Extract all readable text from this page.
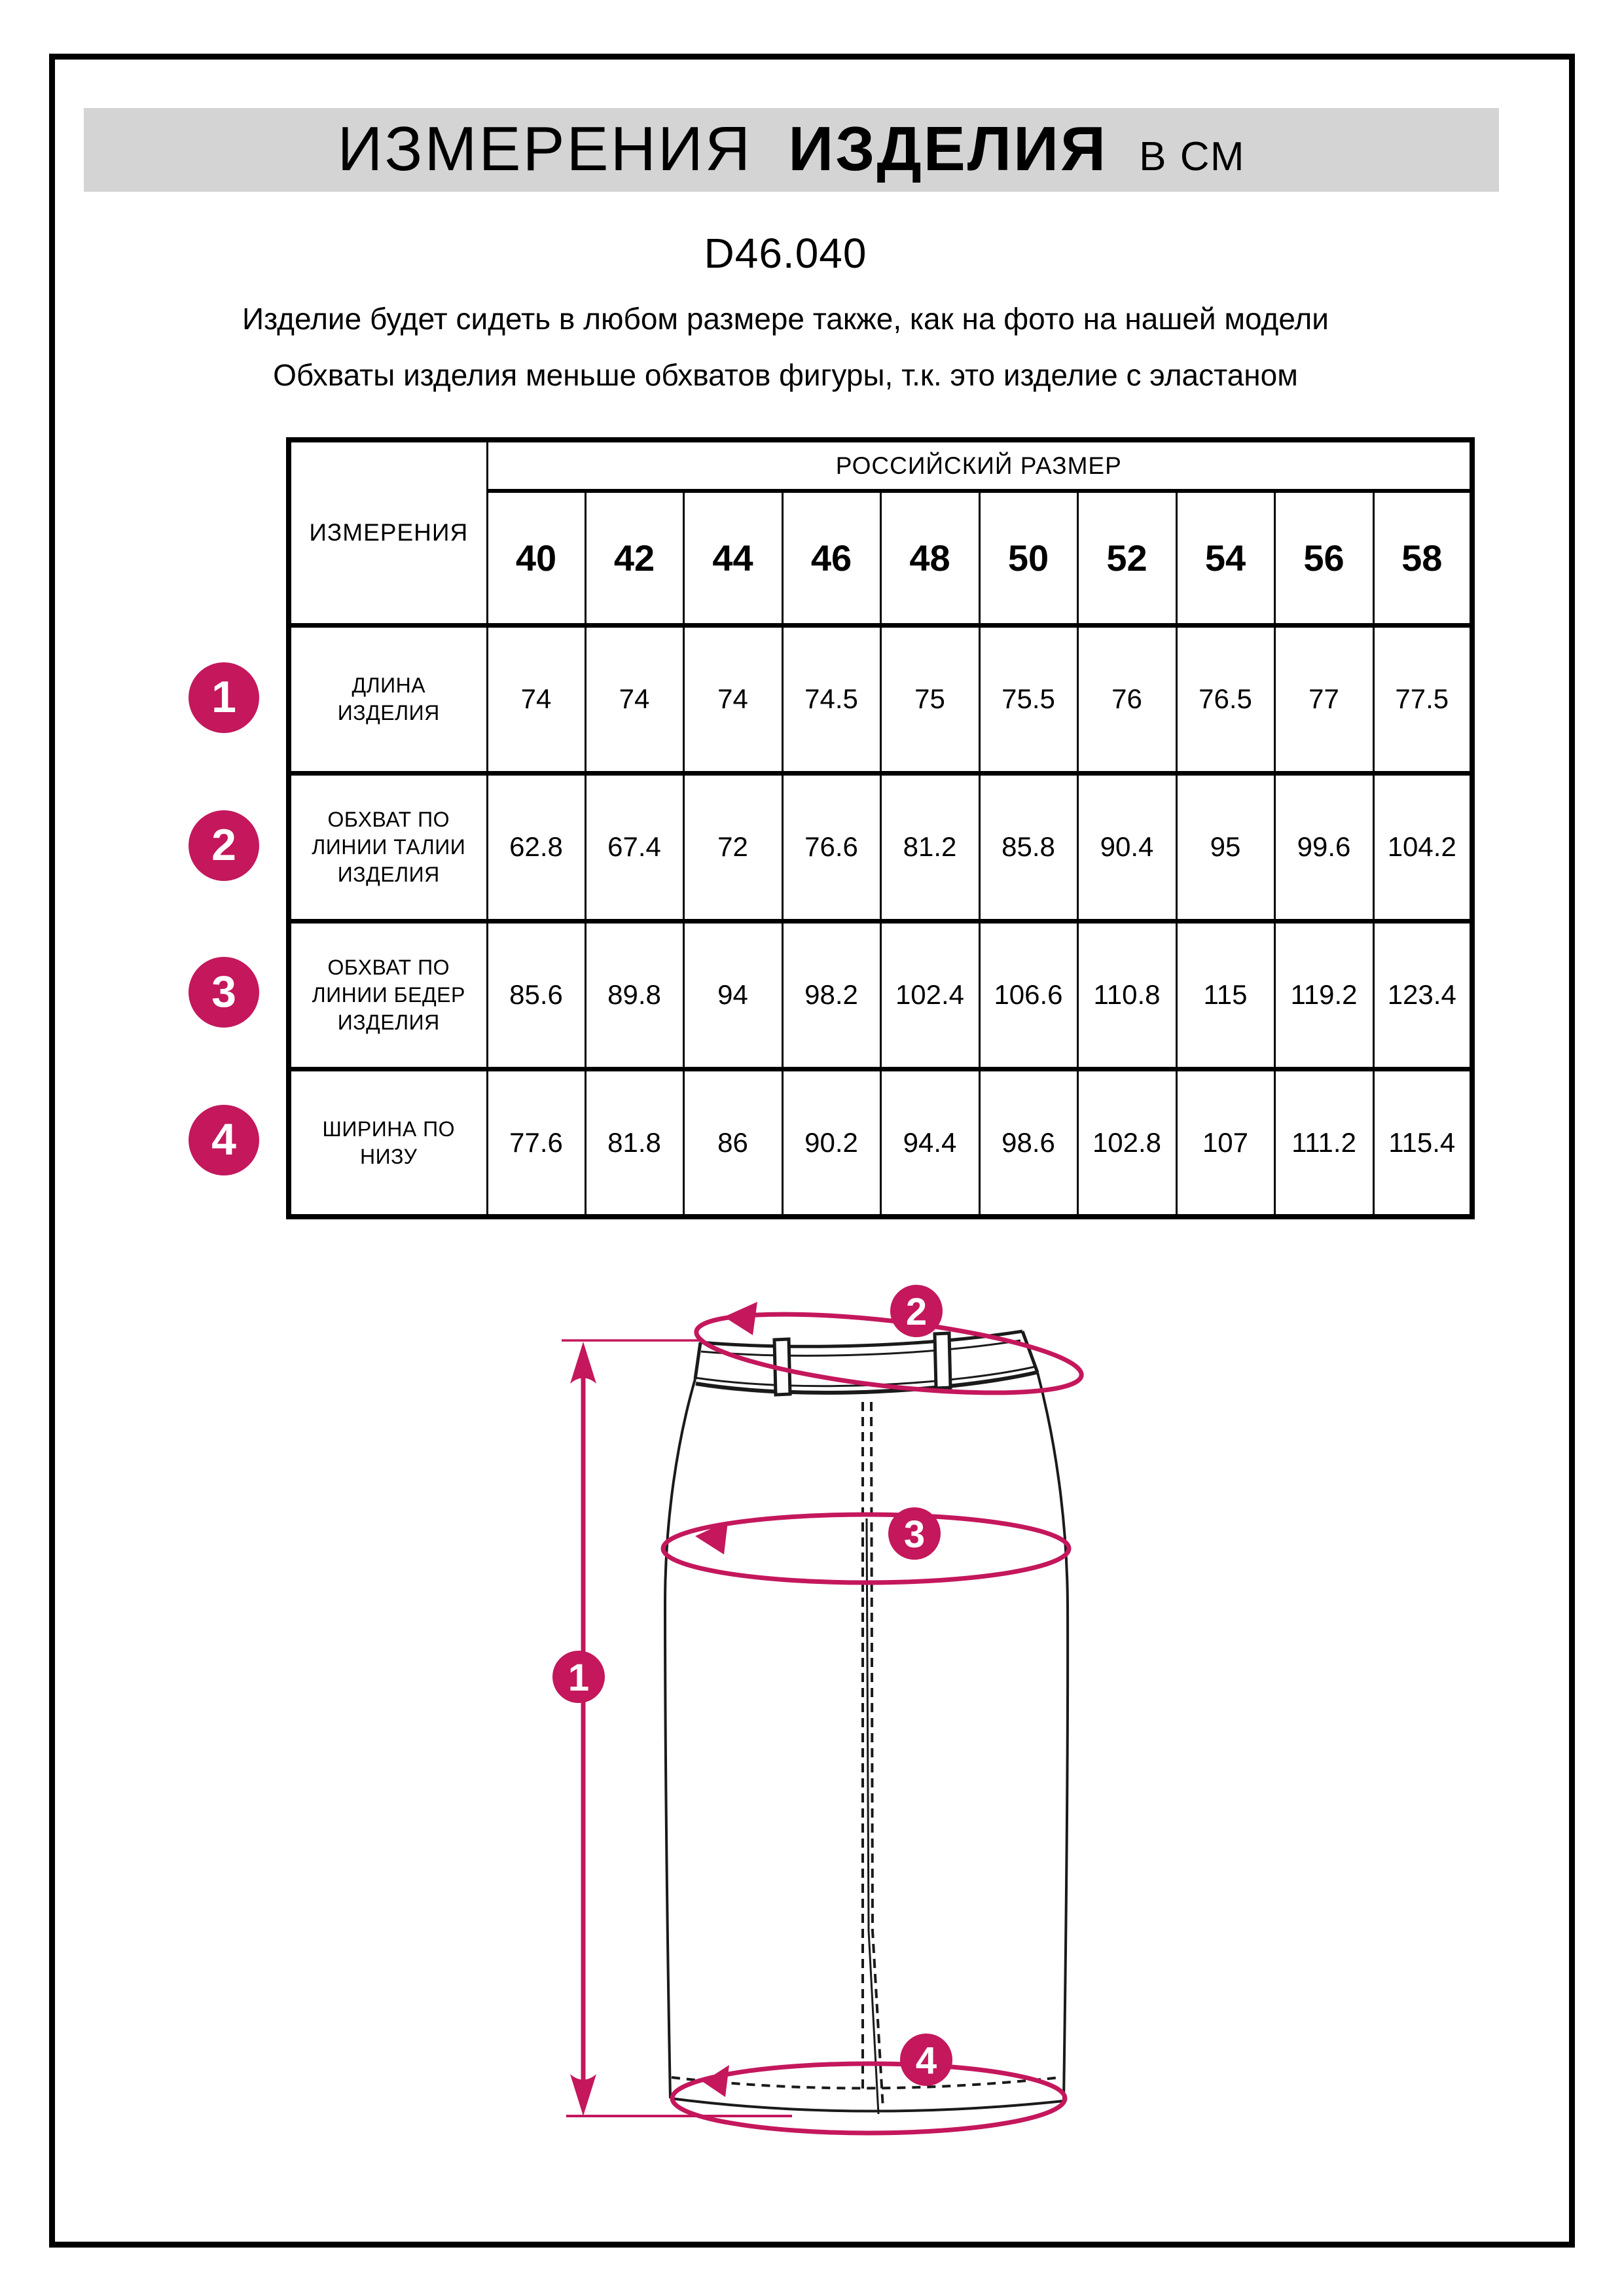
ИЗМЕРЕНИЯ ИЗДЕЛИЯ В СМ
D46.040
Изделие будет сидеть в любом размере также, как на фото на нашей модели
Обхваты изделия меньше обхватов фигуры, т.к. это изделие с эластаном
ИЗМЕРЕНИЯ	РОССИЙСКИЙ РАЗМЕР									
	40	42	44	46	48	50	52	54	56	58

ДЛИНА ИЗДЕЛИЯ	74	74	74	74.5	75	75.5	76	76.5	77	77.5

ОБХВАТ ПО ЛИНИИ ТАЛИИ ИЗДЕЛИЯ	62.8	67.4	72	76.6	81.2	85.8	90.4	95	99.6	104.2

ОБХВАТ ПО ЛИНИИ БЕДЕР ИЗДЕЛИЯ	85.6	89.8	94	98.2	102.4	106.6	110.8	115	119.2	123.4

ШИРИНА ПО НИЗУ	77.6	81.8	86	90.2	94.4	98.6	102.8	107	111.2	115.4
1
2
3
4
1
2
3
4
